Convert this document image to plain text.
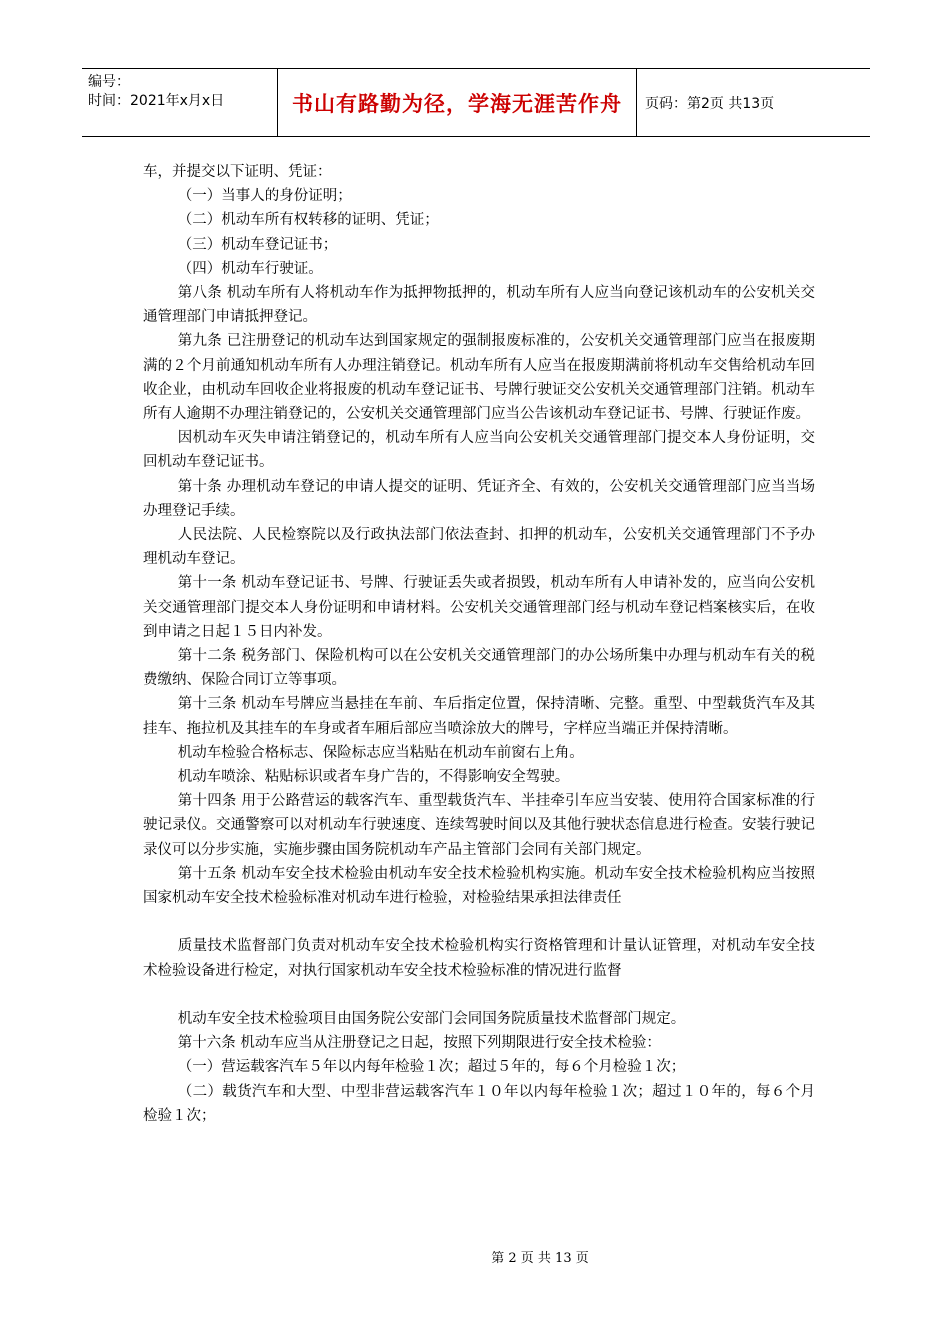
编号：
时间：2021年x月x日	书山有路勤为径，学海无涯苦作舟	页码：第2页 共13页

车，并提交以下证明、凭证：

（一）当事人的身份证明；

（二）机动车所有权转移的证明、凭证；

（三）机动车登记证书；

（四）机动车行驶证。

第八条 机动车所有人将机动车作为抵押物抵押的，机动车所有人应当向登记该机动车的公安机关交通管理部门申请抵押登记。

第九条 已注册登记的机动车达到国家规定的强制报废标准的，公安机关交通管理部门应当在报废期满的２个月前通知机动车所有人办理注销登记。机动车所有人应当在报废期满前将机动车交售给机动车回收企业，由机动车回收企业将报废的机动车登记证书、号牌行驶证交公安机关交通管理部门注销。机动车所有人逾期不办理注销登记的，公安机关交通管理部门应当公告该机动车登记证书、号牌、行驶证作废。

因机动车灭失申请注销登记的，机动车所有人应当向公安机关交通管理部门提交本人身份证明，交回机动车登记证书。

第十条 办理机动车登记的申请人提交的证明、凭证齐全、有效的，公安机关交通管理部门应当当场办理登记手续。

人民法院、人民检察院以及行政执法部门依法查封、扣押的机动车，公安机关交通管理部门不予办理机动车登记。

第十一条 机动车登记证书、号牌、行驶证丢失或者损毁，机动车所有人申请补发的，应当向公安机关交通管理部门提交本人身份证明和申请材料。公安机关交通管理部门经与机动车登记档案核实后，在收到申请之日起１５日内补发。

第十二条 税务部门、保险机构可以在公安机关交通管理部门的办公场所集中办理与机动车有关的税费缴纳、保险合同订立等事项。

第十三条 机动车号牌应当悬挂在车前、车后指定位置，保持清晰、完整。重型、中型载货汽车及其挂车、拖拉机及其挂车的车身或者车厢后部应当喷涂放大的牌号，字样应当端正并保持清晰。

机动车检验合格标志、保险标志应当粘贴在机动车前窗右上角。

机动车喷涂、粘贴标识或者车身广告的，不得影响安全驾驶。

第十四条 用于公路营运的载客汽车、重型载货汽车、半挂牵引车应当安装、使用符合国家标准的行驶记录仪。交通警察可以对机动车行驶速度、连续驾驶时间以及其他行驶状态信息进行检查。安装行驶记录仪可以分步实施，实施步骤由国务院机动车产品主管部门会同有关部门规定。

第十五条 机动车安全技术检验由机动车安全技术检验机构实施。机动车安全技术检验机构应当按照国家机动车安全技术检验标准对机动车进行检验，对检验结果承担法律责任

质量技术监督部门负责对机动车安全技术检验机构实行资格管理和计量认证管理，对机动车安全技术检验设备进行检定，对执行国家机动车安全技术检验标准的情况进行监督

机动车安全技术检验项目由国务院公安部门会同国务院质量技术监督部门规定。

第十六条 机动车应当从注册登记之日起，按照下列期限进行安全技术检验：

（一）营运载客汽车５年以内每年检验１次；超过５年的，每６个月检验１次；

（二）载货汽车和大型、中型非营运载客汽车１０年以内每年检验１次；超过１０年的，每６个月检验１次；

第 2 页 共 13 页
